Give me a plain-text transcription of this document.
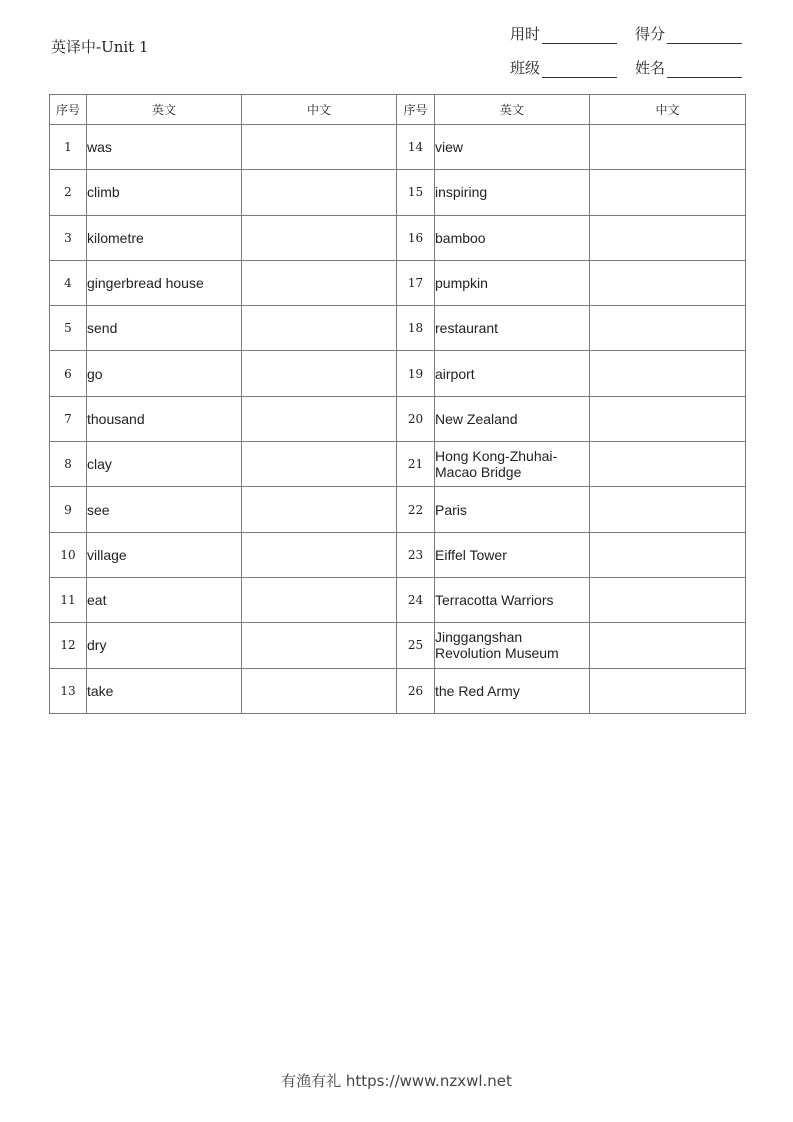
英译中-Unit 1
用时	得分
班级	姓名
序号	英文	中文	序号	英文	中文
1	was		14	view	
2	climb		15	inspiring	
3	kilometre		16	bamboo	
4	gingerbread house		17	pumpkin	
5	send		18	restaurant	
6	go		19	airport	
7	thousand		20	New Zealand	
8	clay		21	Hong Kong-Zhuhai-Macao Bridge	
9	see		22	Paris	
10	village		23	Eiffel Tower	
11	eat		24	Terracotta Warriors	
12	dry		25	Jinggangshan Revolution Museum	
13	take		26	the Red Army	
有渔有礼 https://www.nzxwl.net
